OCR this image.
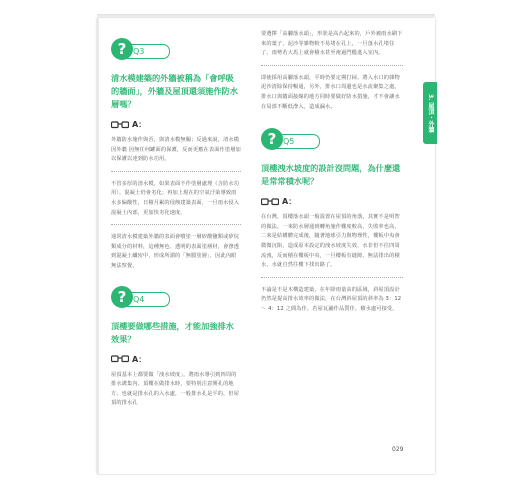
Q3
?

清水模建築的外牆被稱為「會呼吸的牆面」，外牆及屋頂還須施作防水層嗎？

A：

外牆防水施作與否，與清水模無關；反過來說，清水模因外牆 因無任何罐面的保護，反而更應在表面作塗層加以保護以達到防水功用。

不管多厚的清水模，如果表面不作塗層處理（含防水功用），混凝土仍會劣化；再加上現在的空氣汙染導致雨水多偏酸性，日積月累的侵蝕建築表面，一旦雨水侵入混凝土內部，更加快劣化速度。

通常清水模建築外牆的表面會噴塗一層矽酸鹽類或矽烷類成分的材料，這種無色、透明的表面塗層材，會滲透到混凝土纖密中，形成所謂的「無膜塗層」，因此內眼無法察覺。

Q4
?

頂樓要做哪些措施，才能加強排水效果？

A：

屋頂基本上都要做「洩水坡度」，將雨水導引到四周的排水溝集內。頂樓在做排水時，要特別注意開孔的地方，也就是排水孔的入水處，一般排水孔是平的，但屋頂的排水孔

要選擇「高腳落水頭」，形狀是高凸起來的，戶外被雨水刷下來的葉子，泥沙等雜物較不易堵在孔上，一旦落水孔堵住了，雨勢若大馬上就會積水甚至淹過門檻進入室內。

即使採用高腳落水頭，平時仍要定期打掃，將入水口的雜物泥沙清除保持暢通，另外，排水口周邊也是水流聚集之處，排水口與牆面接線的地方同時要做好防水措施，才不會讓水在局部不斷低滲入，造成漏水。

Q5
?

頂樓洩水坡度的設計沒問題，為什麼還是常常積水呢？

A：

在台灣，頂樓落水頭一般設置在屋頂的角落，其實不是明智的做法。一來防水層通到轉角施作難度較高，失敗率也高，二來是結構體完成後，隨著地球引力與物理性，樓板中央會微微沉陷，造成原本設定的洩水坡度失效，水非但不往四周流洩，反而積在樓板中央，一旦樓板有縫隙，無法排出的積水，水就自然往樓下找出路了。

不論是不是木構造建築，在年降雨量高的區域，斜屋頂設計仍然是提高排水效率的做法，在台灣斜屋頂的斜率為 3：12 ～ 4：12 之間為佳，若屋瓦鋪作品質佳，積水處可接受。

3. 屋頂・外牆
029
